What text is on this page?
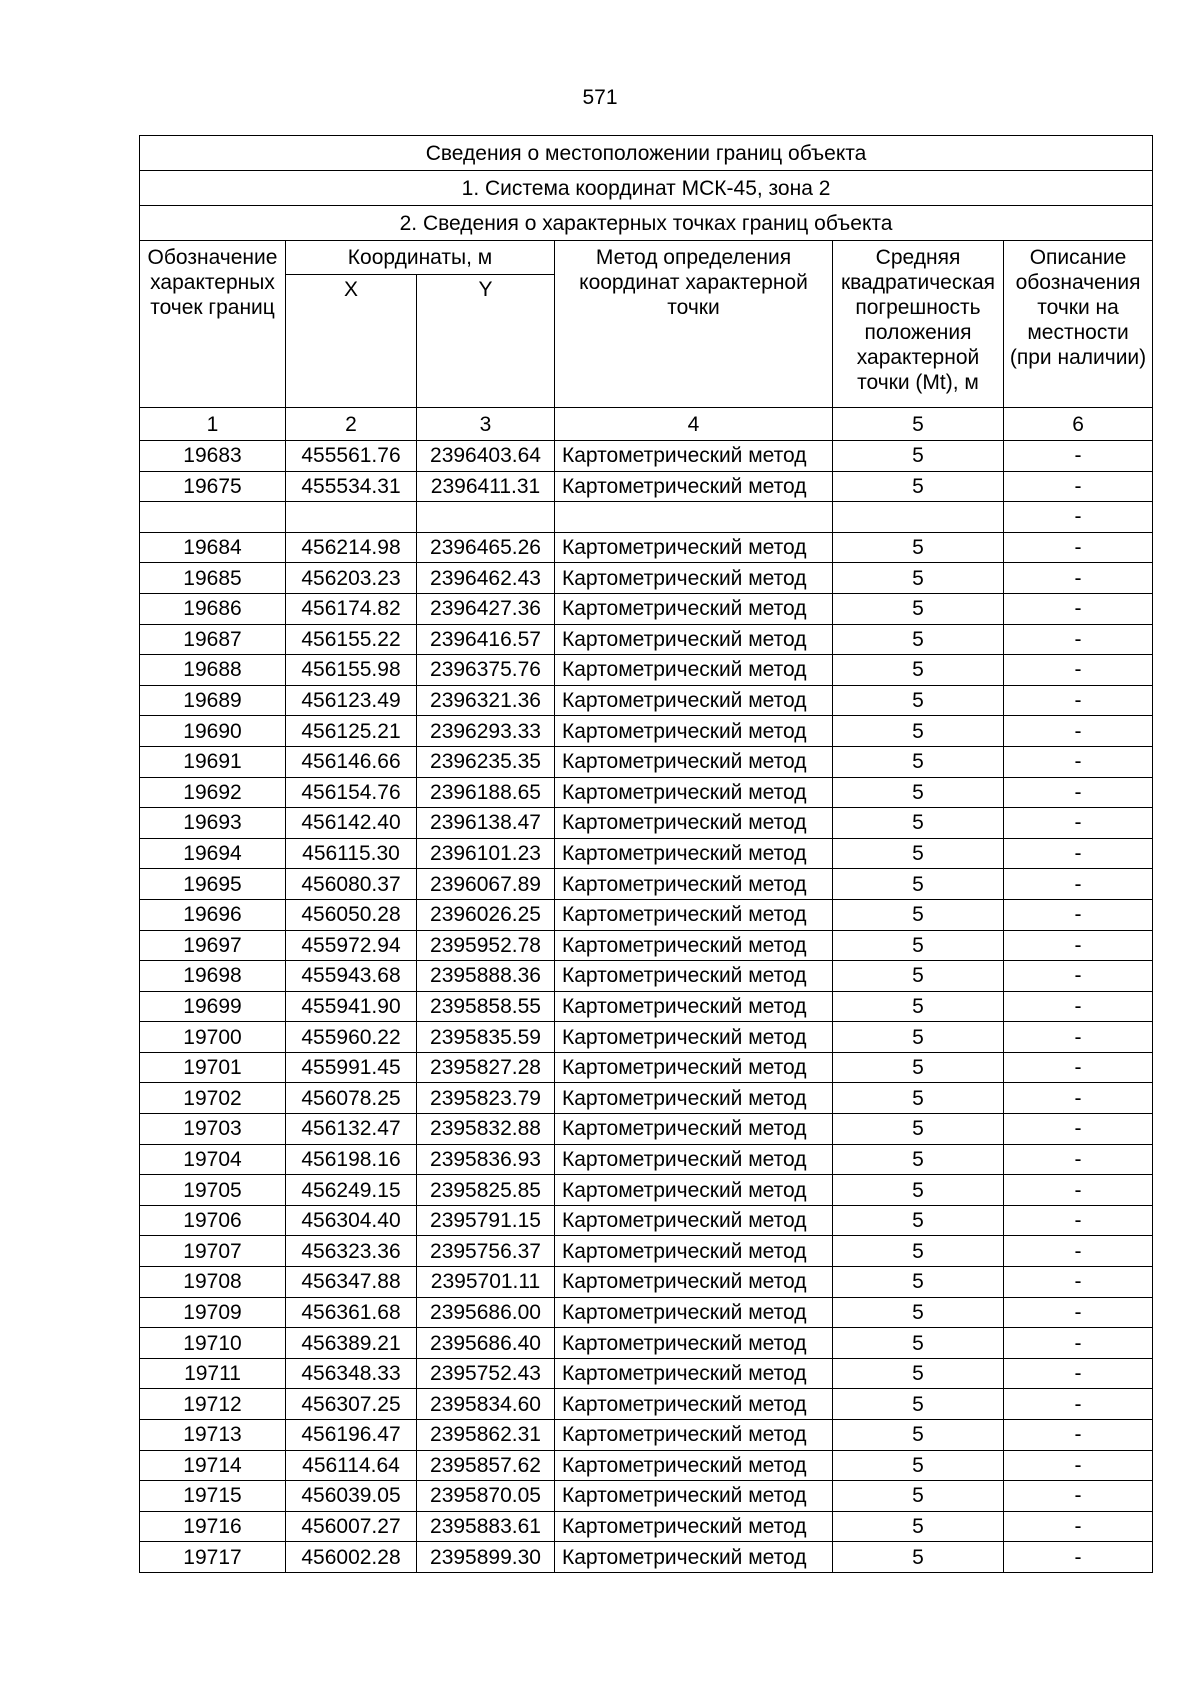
571
Сведения о местоположении границ объекта					
1. Система координат МСК-45, зона 2					
2. Сведения о характерных точках границ объекта					
Обозначение характерных точек границ	Координаты, м		Метод определения координат характерной точки	Средняя квадратическая погрешность положения характерной точки (Mt), м	Описание обозначения точки на местности (при наличии)
	X	Y			
1	2	3	4	5	6
19683	455561.76	2396403.64	Картометрический метод	5	-
19675	455534.31	2396411.31	Картометрический метод	5	-
					-
19684	456214.98	2396465.26	Картометрический метод	5	-
19685	456203.23	2396462.43	Картометрический метод	5	-
19686	456174.82	2396427.36	Картометрический метод	5	-
19687	456155.22	2396416.57	Картометрический метод	5	-
19688	456155.98	2396375.76	Картометрический метод	5	-
19689	456123.49	2396321.36	Картометрический метод	5	-
19690	456125.21	2396293.33	Картометрический метод	5	-
19691	456146.66	2396235.35	Картометрический метод	5	-
19692	456154.76	2396188.65	Картометрический метод	5	-
19693	456142.40	2396138.47	Картометрический метод	5	-
19694	456115.30	2396101.23	Картометрический метод	5	-
19695	456080.37	2396067.89	Картометрический метод	5	-
19696	456050.28	2396026.25	Картометрический метод	5	-
19697	455972.94	2395952.78	Картометрический метод	5	-
19698	455943.68	2395888.36	Картометрический метод	5	-
19699	455941.90	2395858.55	Картометрический метод	5	-
19700	455960.22	2395835.59	Картометрический метод	5	-
19701	455991.45	2395827.28	Картометрический метод	5	-
19702	456078.25	2395823.79	Картометрический метод	5	-
19703	456132.47	2395832.88	Картометрический метод	5	-
19704	456198.16	2395836.93	Картометрический метод	5	-
19705	456249.15	2395825.85	Картометрический метод	5	-
19706	456304.40	2395791.15	Картометрический метод	5	-
19707	456323.36	2395756.37	Картометрический метод	5	-
19708	456347.88	2395701.11	Картометрический метод	5	-
19709	456361.68	2395686.00	Картометрический метод	5	-
19710	456389.21	2395686.40	Картометрический метод	5	-
19711	456348.33	2395752.43	Картометрический метод	5	-
19712	456307.25	2395834.60	Картометрический метод	5	-
19713	456196.47	2395862.31	Картометрический метод	5	-
19714	456114.64	2395857.62	Картометрический метод	5	-
19715	456039.05	2395870.05	Картометрический метод	5	-
19716	456007.27	2395883.61	Картометрический метод	5	-
19717	456002.28	2395899.30	Картометрический метод	5	-
